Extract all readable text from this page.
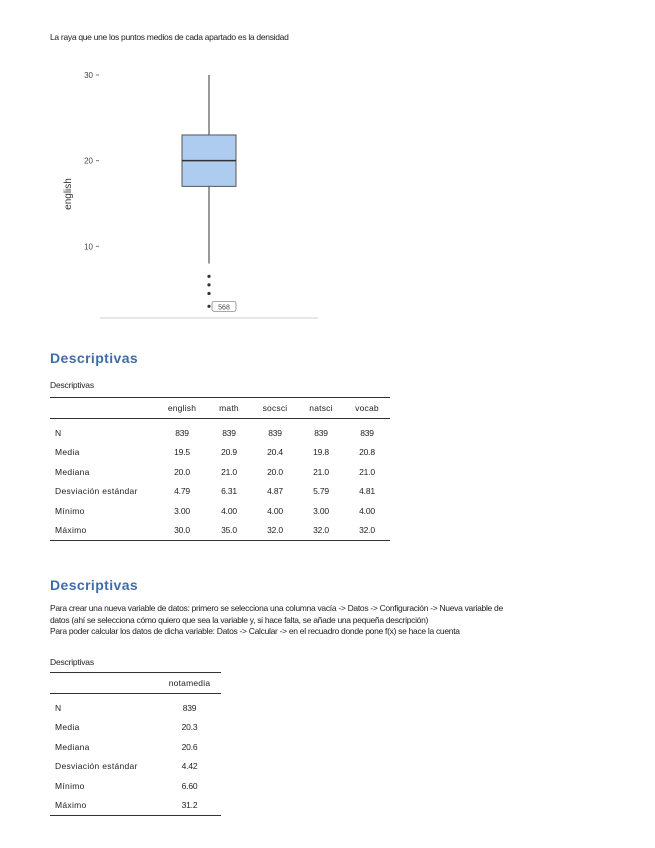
La raya que une los puntos medios de cada apartado es la densidad
10
20
30
english
568
Descriptivas
Descriptivas
	english	math	socsci	natsci	vocab
N	839	839	839	839	839
Media	19.5	20.9	20.4	19.8	20.8
Mediana	20.0	21.0	20.0	21.0	21.0
Desviación estándar	4.79	6.31	4.87	5.79	4.81
Mínimo	3.00	4.00	4.00	3.00	4.00
Máximo	30.0	35.0	32.0	32.0	32.0
Descriptivas
Para crear una nueva variable de datos: primero se selecciona una columna vacía -> Datos -> Configuración -> Nueva variable de
datos (ahí se selecciona cómo quiero que sea la variable y, si hace falta, se añade una pequeña descripción)
Para poder calcular los datos de dicha variable: Datos -> Calcular -> en el recuadro donde pone f(x) se hace la cuenta
Descriptivas
	notamedia
N	839
Media	20.3
Mediana	20.6
Desviación estándar	4.42
Mínimo	6.60
Máximo	31.2
